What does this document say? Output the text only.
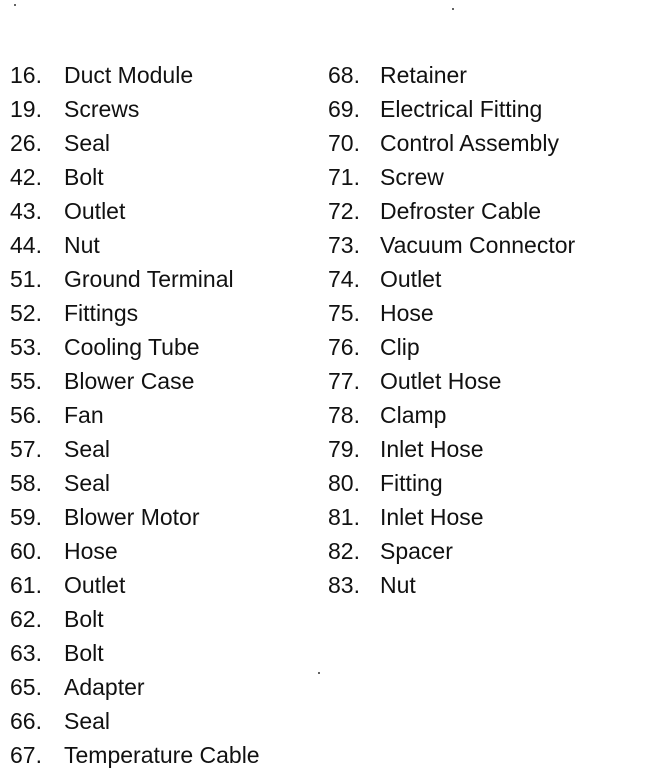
16. Duct Module
19. Screws
26. Seal
42. Bolt
43. Outlet
44. Nut
51. Ground Terminal
52. Fittings
53. Cooling Tube
55. Blower Case
56. Fan
57. Seal
58. Seal
59. Blower Motor
60. Hose
61. Outlet
62. Bolt
63. Bolt
65. Adapter
66. Seal
67. Temperature Cable
68. Retainer
69. Electrical Fitting
70. Control Assembly
71. Screw
72. Defroster Cable
73. Vacuum Connector
74. Outlet
75. Hose
76. Clip
77. Outlet Hose
78. Clamp
79. Inlet Hose
80. Fitting
81. Inlet Hose
82. Spacer
83. Nut
